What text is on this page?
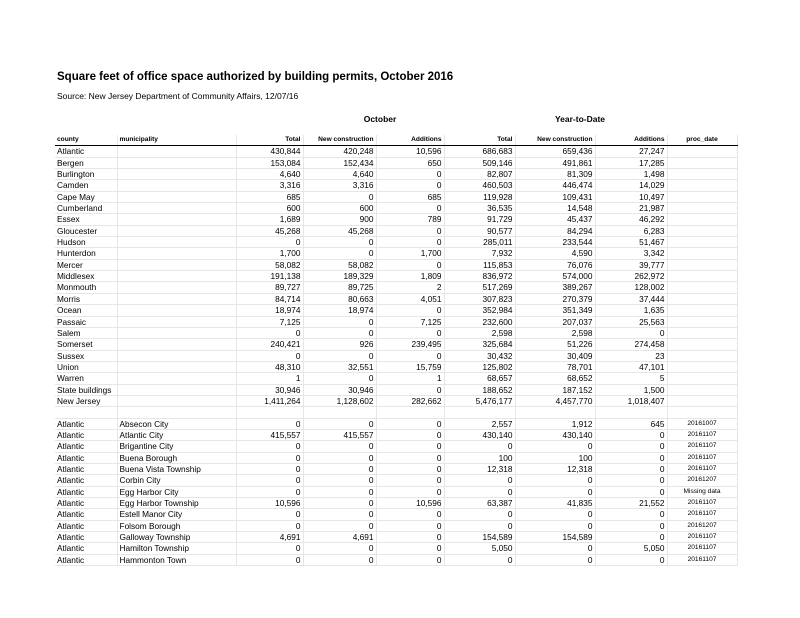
Square feet of office space authorized by building permits, October 2016
Source: New Jersey Department of Community Affairs, 12/07/16
October	Year-to-Date
county	municipality	Total	New construction	Additions	Total	New construction	Additions	proc_date
Atlantic		430,844	420,248	10,596	686,683	659,436	27,247	
Bergen		153,084	152,434	650	509,146	491,861	17,285	
Burlington		4,640	4,640	0	82,807	81,309	1,498	
Camden		3,316	3,316	0	460,503	446,474	14,029	
Cape May		685	0	685	119,928	109,431	10,497	
Cumberland		600	600	0	36,535	14,548	21,987	
Essex		1,689	900	789	91,729	45,437	46,292	
Gloucester		45,268	45,268	0	90,577	84,294	6,283	
Hudson		0	0	0	285,011	233,544	51,467	
Hunterdon		1,700	0	1,700	7,932	4,590	3,342	
Mercer		58,082	58,082	0	115,853	76,076	39,777	
Middlesex		191,138	189,329	1,809	836,972	574,000	262,972	
Monmouth		89,727	89,725	2	517,269	389,267	128,002	
Morris		84,714	80,663	4,051	307,823	270,379	37,444	
Ocean		18,974	18,974	0	352,984	351,349	1,635	
Passaic		7,125	0	7,125	232,600	207,037	25,563	
Salem		0	0	0	2,598	2,598	0	
Somerset		240,421	926	239,495	325,684	51,226	274,458	
Sussex		0	0	0	30,432	30,409	23	
Union		48,310	32,551	15,759	125,802	78,701	47,101	
Warren		1	0	1	68,657	68,652	5	
State buildings		30,946	30,946	0	188,652	187,152	1,500	
New Jersey		1,411,264	1,128,602	282,662	5,476,177	4,457,770	1,018,407	

Atlantic	Absecon City	0	0	0	2,557	1,912	645	20161007
Atlantic	Atlantic City	415,557	415,557	0	430,140	430,140	0	20161107
Atlantic	Brigantine City	0	0	0	0	0	0	20161107
Atlantic	Buena Borough	0	0	0	100	100	0	20161107
Atlantic	Buena Vista Township	0	0	0	12,318	12,318	0	20161107
Atlantic	Corbin City	0	0	0	0	0	0	20161207
Atlantic	Egg Harbor City	0	0	0	0	0	0	Missing data
Atlantic	Egg Harbor Township	10,596	0	10,596	63,387	41,835	21,552	20161107
Atlantic	Estell Manor City	0	0	0	0	0	0	20161107
Atlantic	Folsom Borough	0	0	0	0	0	0	20161207
Atlantic	Galloway Township	4,691	4,691	0	154,589	154,589	0	20161107
Atlantic	Hamilton Township	0	0	0	5,050	0	5,050	20161107
Atlantic	Hammonton Town	0	0	0	0	0	0	20161107
